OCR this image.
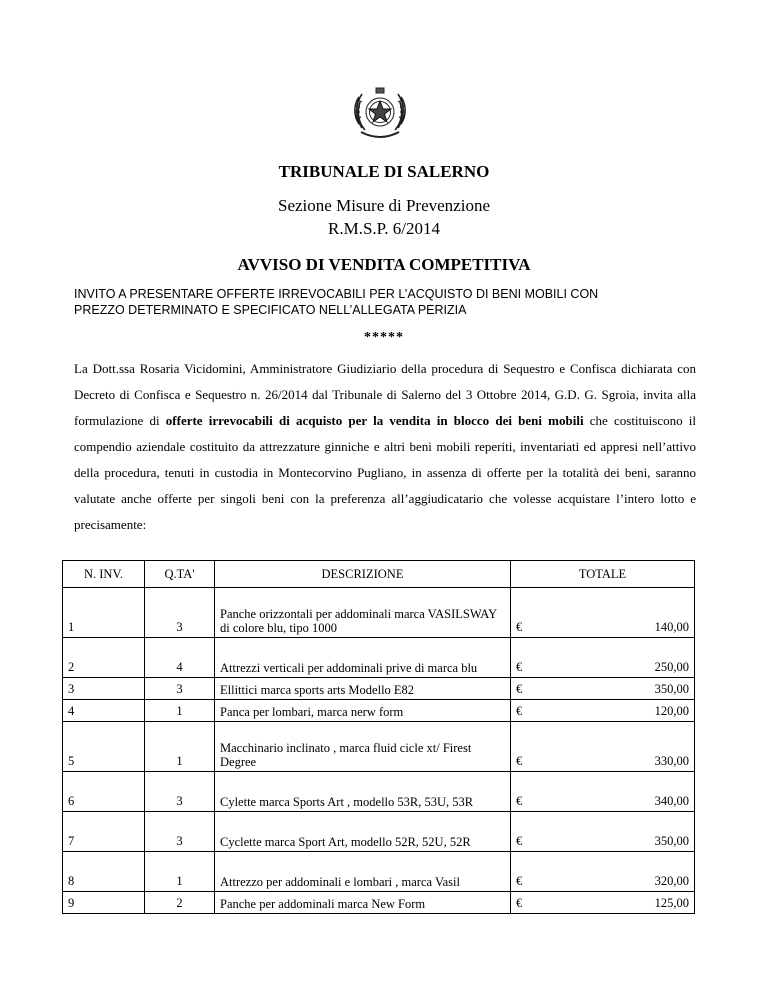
TRIBUNALE DI SALERNO
Sezione Misure di Prevenzione
R.M.S.P. 6/2014
AVVISO DI VENDITA COMPETITIVA
INVITO A PRESENTARE OFFERTE IRREVOCABILI PER L’ACQUISTO DI BENI MOBILI CON
PREZZO DETERMINATO E SPECIFICATO NELL’ALLEGATA PERIZIA
*****
La Dott.ssa Rosaria Vicidomini, Amministratore Giudiziario della procedura di Sequestro e Confisca dichiarata con Decreto di Confisca e Sequestro n. 26/2014 dal Tribunale di Salerno del 3 Ottobre 2014, G.D. G. Sgroia, invita alla formulazione di offerte irrevocabili di acquisto per la vendita in blocco dei beni mobili che costituiscono il compendio aziendale costituito da attrezzature ginniche e altri beni mobili reperiti, inventariati ed appresi nell’attivo della procedura, tenuti in custodia in Montecorvino Pugliano, in assenza di offerte per la totalità dei beni, saranno valutate anche offerte per singoli beni con la preferenza all’aggiudicatario che volesse acquistare l’intero lotto e precisamente:
N. INV.	Q.TA'	DESCRIZIONE	TOTALE	
1	3	Panche orizzontali per addominali marca VASILSWAY di colore blu, tipo 1000	€	140,00
2	4	Attrezzi verticali per addominali prive di marca blu	€	250,00
3	3	Ellittici marca sports arts Modello E82	€	350,00
4	1	Panca per lombari, marca nerw form	€	120,00
5	1	Macchinario inclinato , marca fluid cicle xt/ Firest Degree	€	330,00
6	3	Cylette marca Sports Art , modello 53R, 53U, 53R	€	340,00
7	3	Cyclette marca Sport Art, modello 52R, 52U, 52R	€	350,00
8	1	Attrezzo per addominali e lombari , marca Vasil	€	320,00
9	2	Panche per addominali marca New Form	€	125,00
